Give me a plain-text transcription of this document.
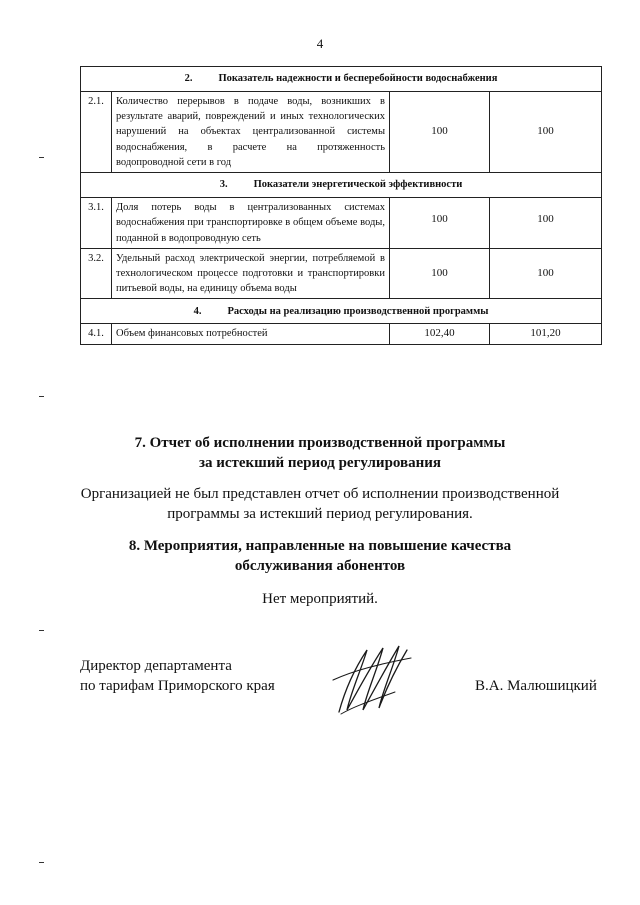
4
2. Показатель надежности и бесперебойности водоснабжения			
2.1.	Количество перерывов в подаче воды, возникших в результате аварий, повреждений и иных технологических нарушений на объектах централизованной системы водоснабжения, в расчете на протяженность водопроводной сети в год	100	100
3. Показатели энергетической эффективности			
3.1.	Доля потерь воды в централизованных системах водоснабжения при транспортировке в общем объеме воды, поданной в водопроводную сеть	100	100
3.2.	Удельный расход электрической энергии, потребляемой в технологическом процессе подготовки и транспортировки питьевой воды, на единицу объема воды	100	100
4. Расходы на реализацию производственной программы			
4.1.	Объем финансовых потребностей	102,40	101,20
7. Отчет об исполнении производственной программы
за истекший период регулирования
Организацией не был представлен отчет об исполнении производственной
программы за истекший период регулирования.
8. Мероприятия, направленные на повышение качества
обслуживания абонентов
Нет мероприятий.
Директор департамента
по тарифам Приморского края	В.А. Малюшицкий
